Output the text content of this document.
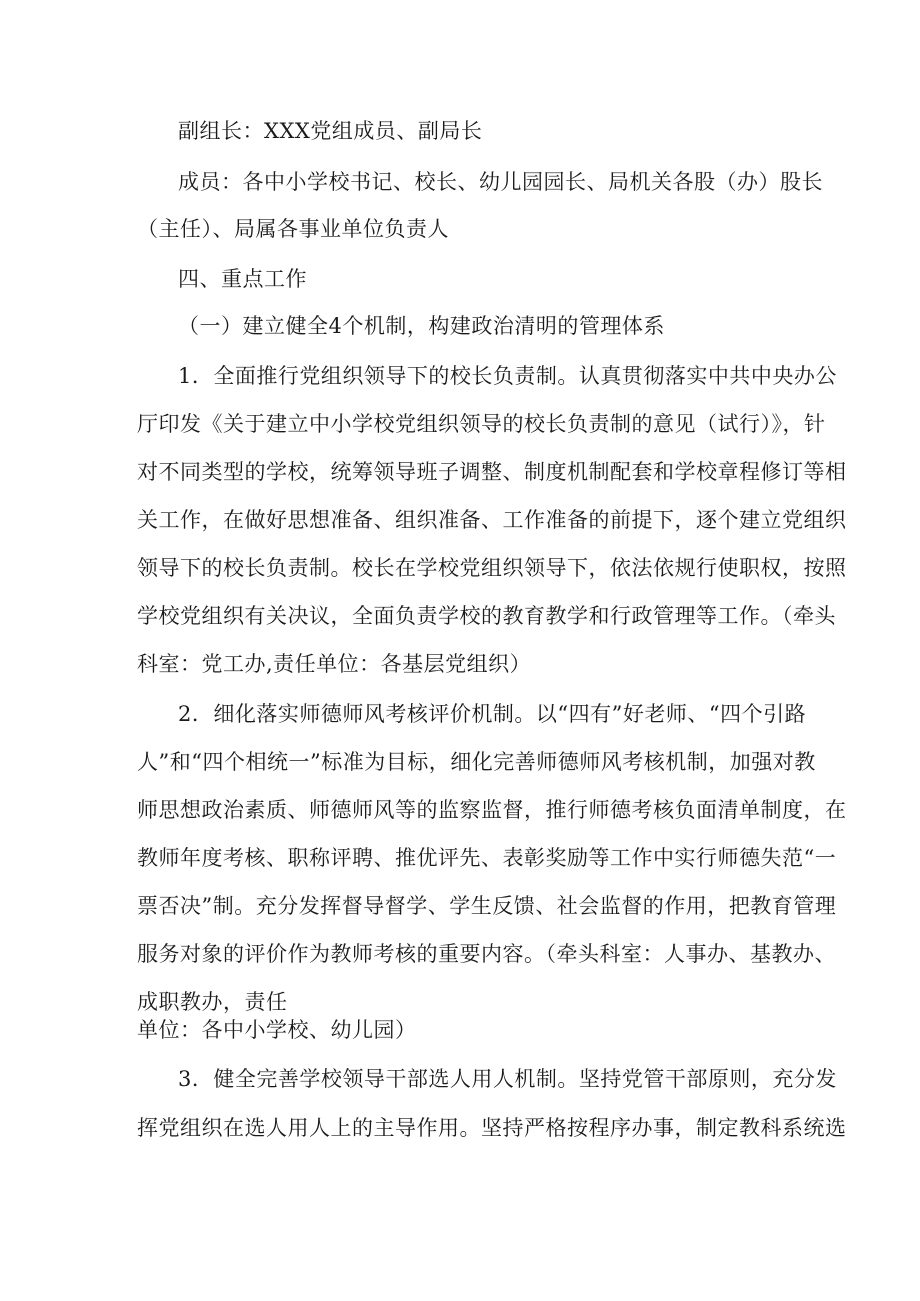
副组长：XXX党组成员、副局长
成员：各中小学校书记、校长、幼儿园园长、局机关各股（办）股长
（主任）、局属各事业单位负责人
四、重点工作
（一）建立健全4个机制，构建政治清明的管理体系
1．全面推行党组织领导下的校长负责制。认真贯彻落实中共中央办公
厅印发《关于建立中小学校党组织领导的校长负责制的意见（试行）》，针
对不同类型的学校，统筹领导班子调整、制度机制配套和学校章程修订等相
关工作，在做好思想准备、组织准备、工作准备的前提下，逐个建立党组织
领导下的校长负责制。校长在学校党组织领导下，依法依规行使职权，按照
学校党组织有关决议，全面负责学校的教育教学和行政管理等工作。（牵头
科室：党工办,责任单位：各基层党组织）
2．细化落实师德师风考核评价机制。以“四有”好老师、“四个引路
人”和“四个相统一”标准为目标，细化完善师德师风考核机制，加强对教
师思想政治素质、师德师风等的监察监督，推行师德考核负面清单制度，在
教师年度考核、职称评聘、推优评先、表彰奖励等工作中实行师德失范“一
票否决”制。充分发挥督导督学、学生反馈、社会监督的作用，把教育管理
服务对象的评价作为教师考核的重要内容。（牵头科室：人事办、基教办、
成职教办，责任
单位：各中小学校、幼儿园）
3．健全完善学校领导干部选人用人机制。坚持党管干部原则，充分发
挥党组织在选人用人上的主导作用。坚持严格按程序办事，制定教科系统选
